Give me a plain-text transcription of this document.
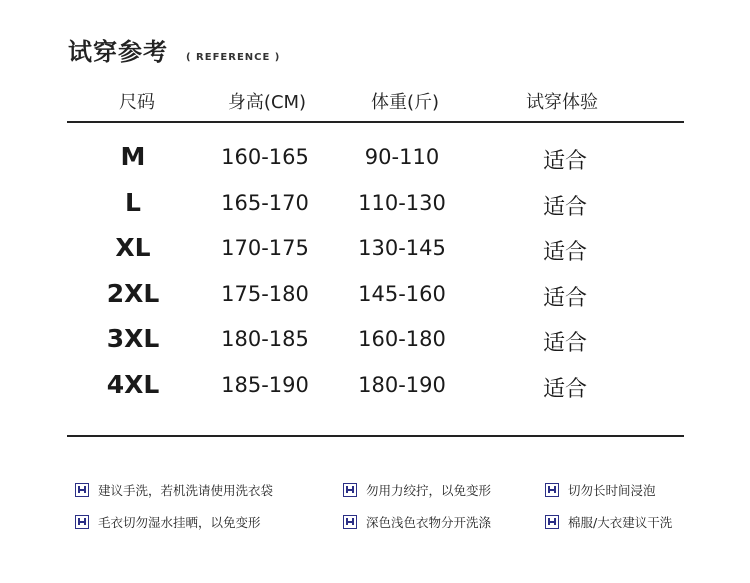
试穿参考 ( REFERENCE )
尺码	身高(CM)	体重(斤)	试穿体验
M	160-165	90-110	适合
L	165-170 110-130	适合
XL	170-175 130-145	适合
2XL	175-180 145-160	适合
3XL	180-185 160-180	适合
4XL	185-190 180-190	适合
建议手洗，若机洗请使用洗衣袋	勿用力绞拧，以免变形	切勿长时间浸泡
毛衣切勿湿水挂晒，以免变形	深色浅色衣物分开洗涤	棉服/大衣建议干洗
